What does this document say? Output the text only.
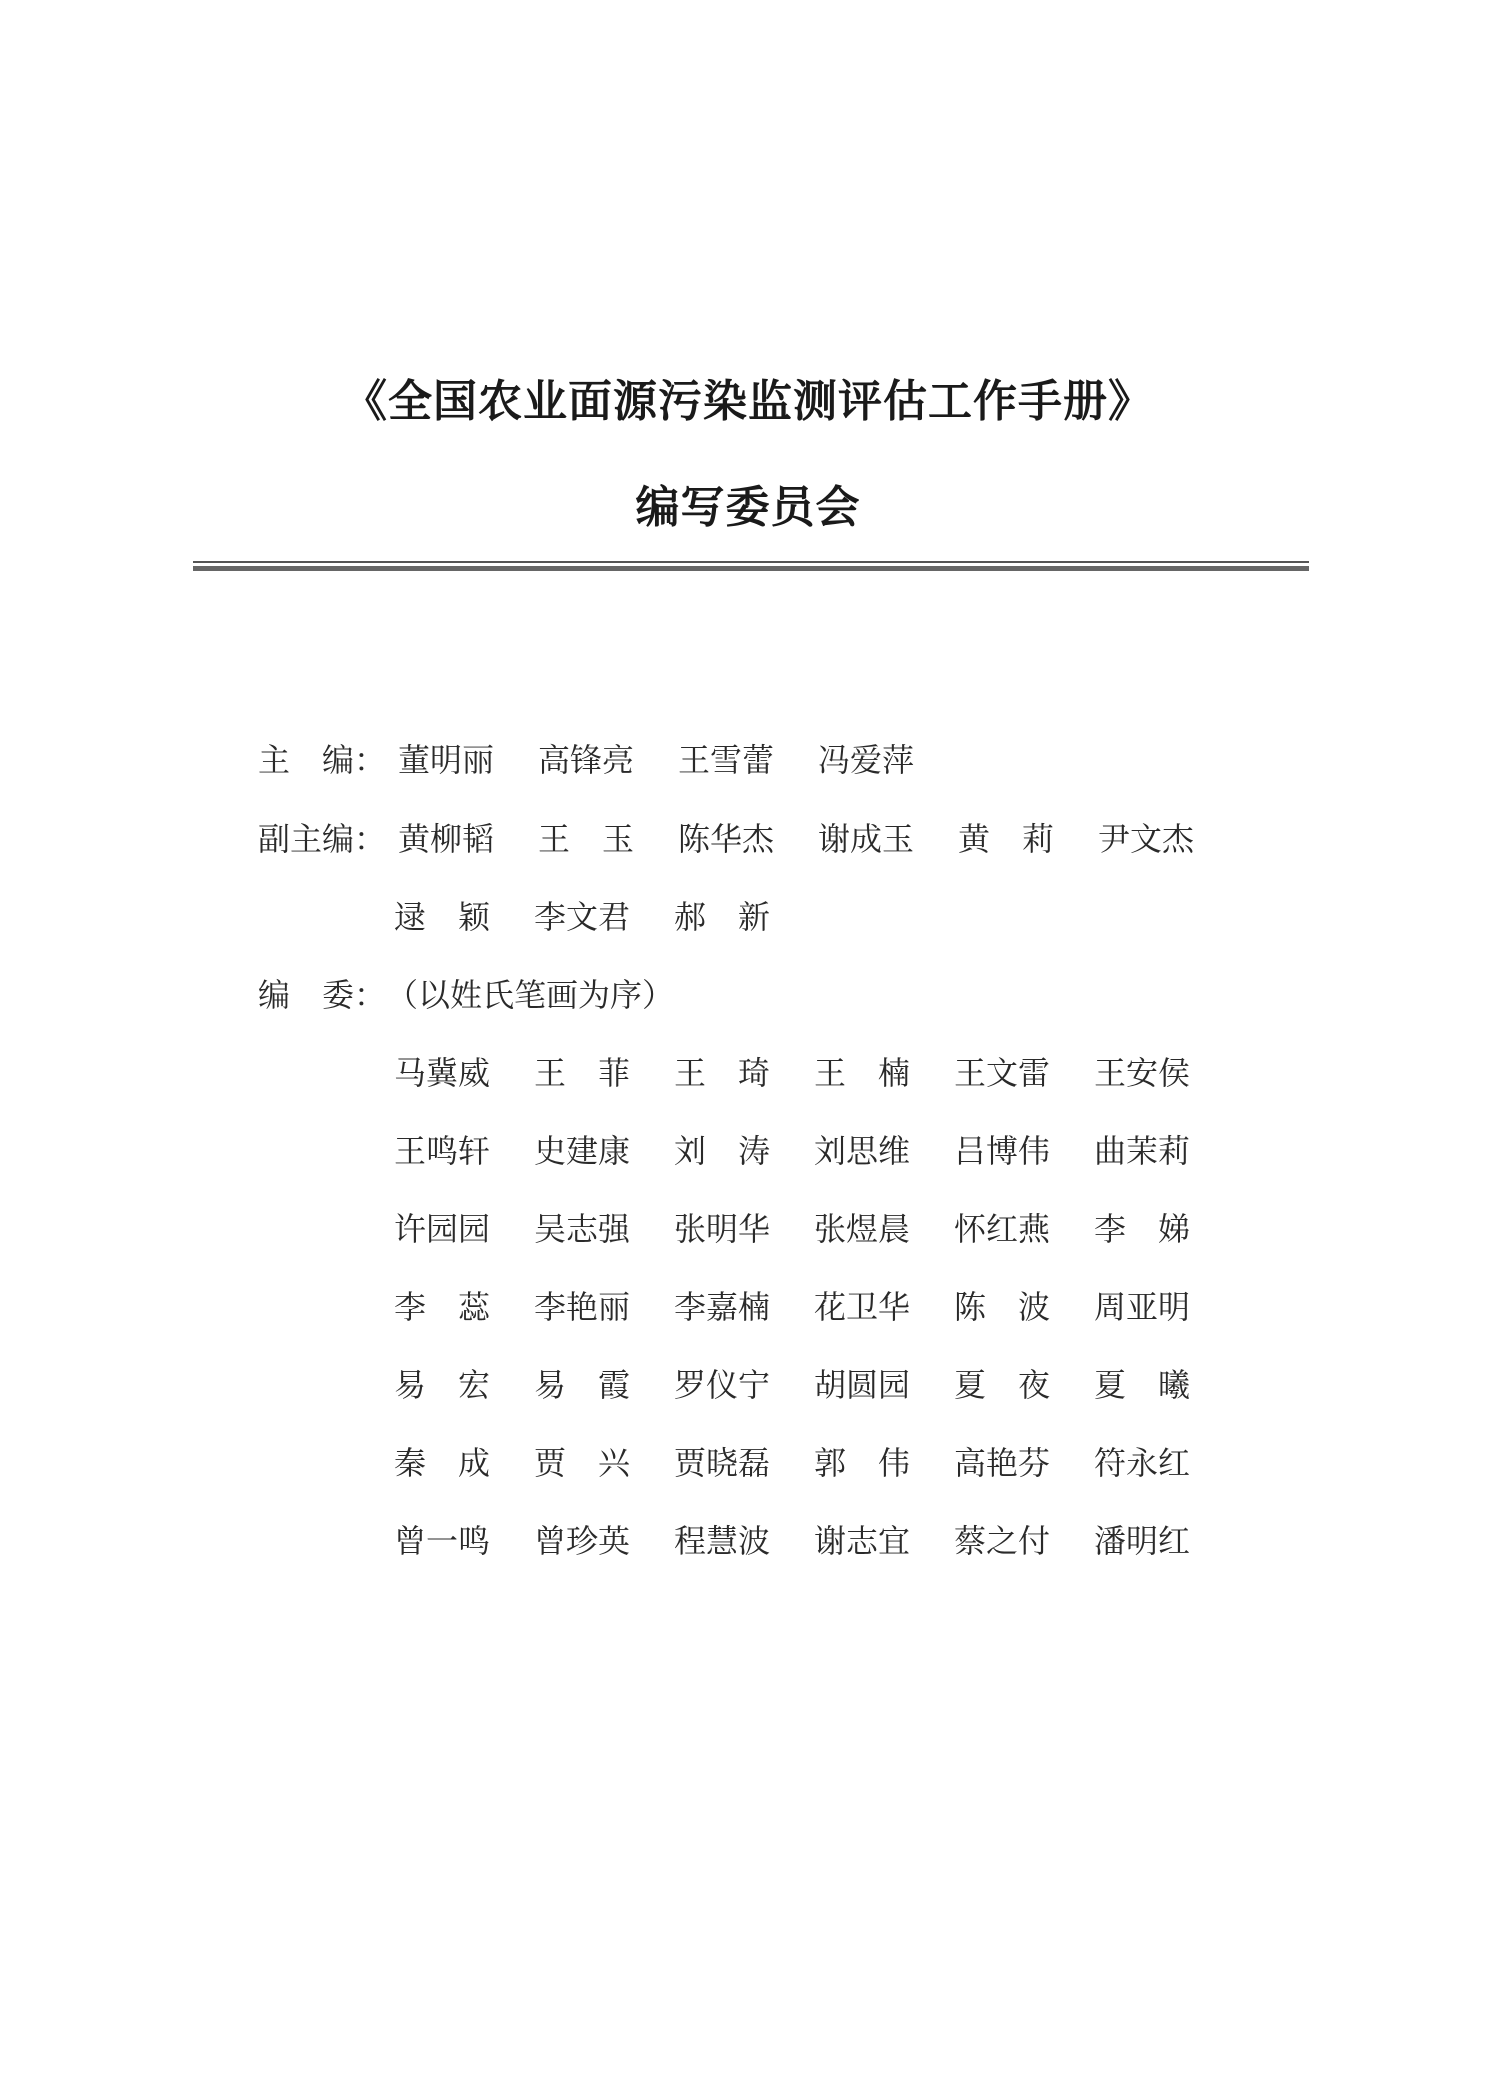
《全国农业面源污染监测评估工作手册》
编写委员会
主　编： 董明丽 高锋亮 王雪蕾 冯爱萍
副主编： 黄柳韬 王　玉 陈华杰 谢成玉 黄　莉 尹文杰
逯　颖 李文君 郝　新
编　委： （以姓氏笔画为序）
马冀威 王　菲 王　琦 王　楠 王文雷 王安侯
王鸣轩 史建康 刘　涛 刘思维 吕博伟 曲茉莉
许园园 吴志强 张明华 张煜晨 怀红燕 李　娣
李　蕊 李艳丽 李嘉楠 花卫华 陈　波 周亚明
易　宏 易　霞 罗仪宁 胡圆园 夏　夜 夏　曦
秦　成 贾　兴 贾晓磊 郭　伟 高艳芬 符永红
曾一鸣 曾珍英 程慧波 谢志宜 蔡之付 潘明红
